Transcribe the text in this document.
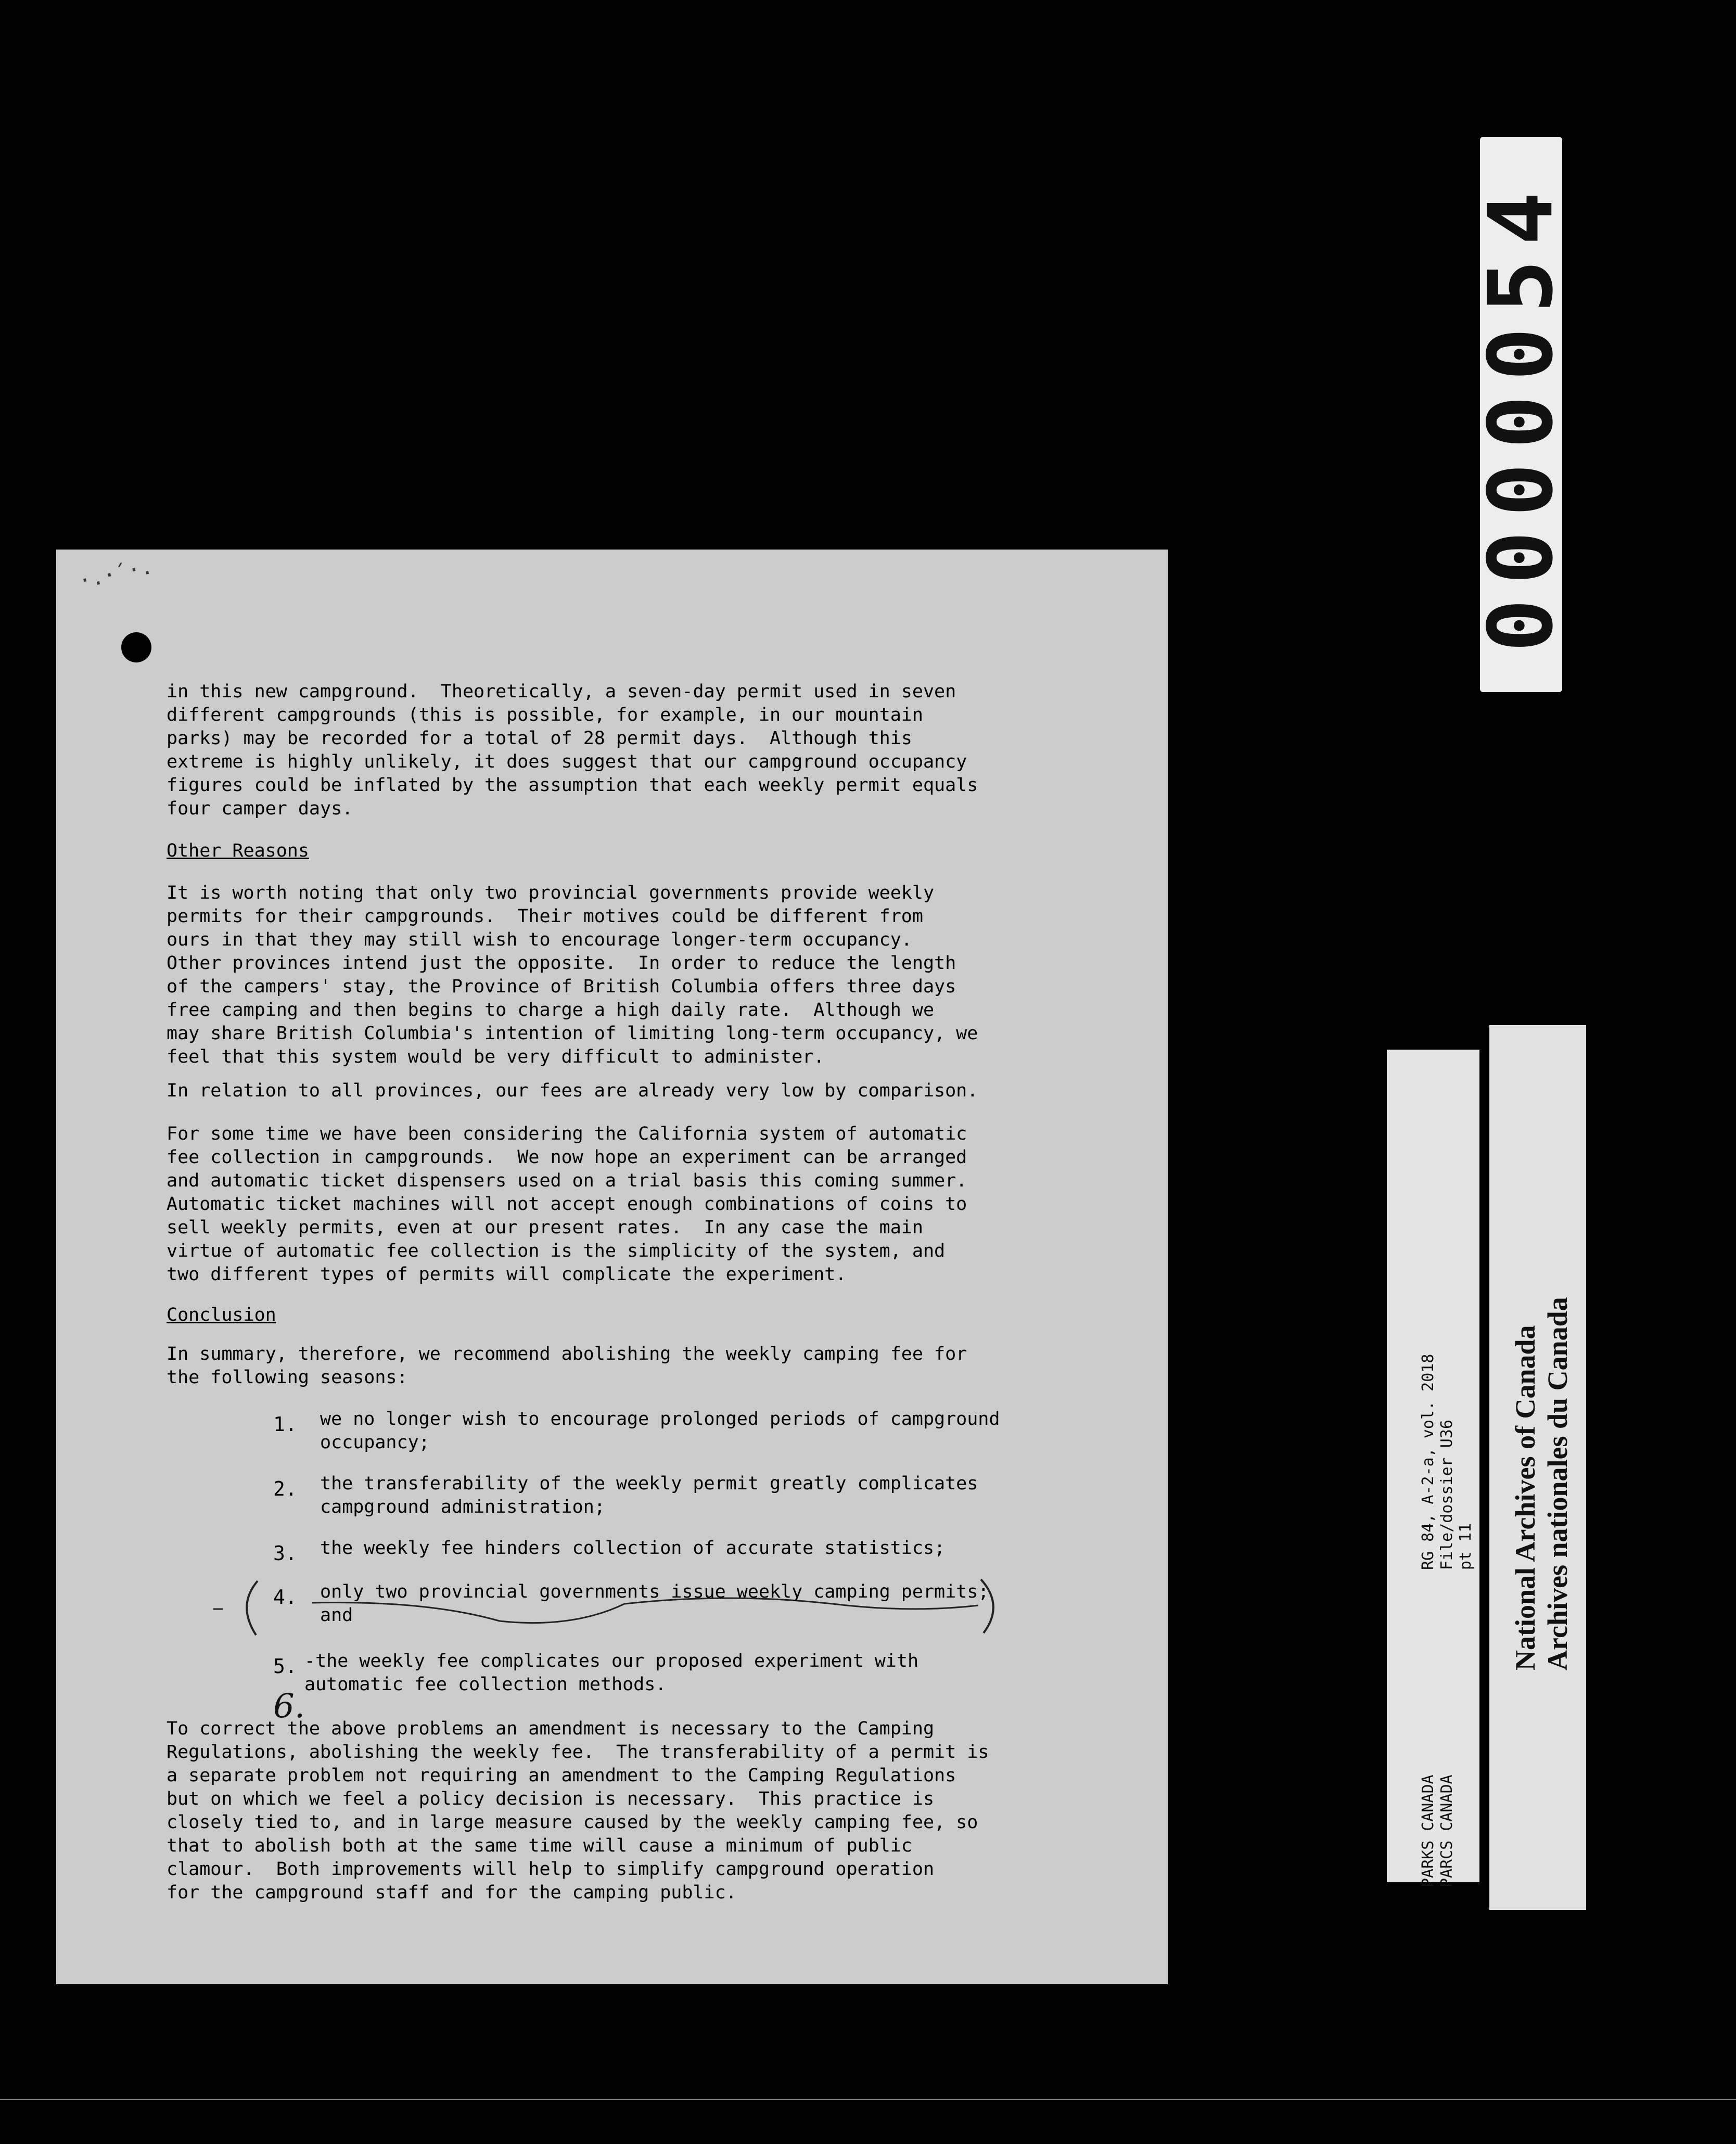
0000054
·.·՛·.
in this new campground.  Theoretically, a seven-day permit used in seven
different campgrounds (this is possible, for example, in our mountain
parks) may be recorded for a total of 28 permit days.  Although this
extreme is highly unlikely, it does suggest that our campground occupancy
figures could be inflated by the assumption that each weekly permit equals
four camper days.
Other Reasons
It is worth noting that only two provincial governments provide weekly
permits for their campgrounds.  Their motives could be different from
ours in that they may still wish to encourage longer-term occupancy.
Other provinces intend just the opposite.  In order to reduce the length
of the campers' stay, the Province of British Columbia offers three days
free camping and then begins to charge a high daily rate.  Although we
may share British Columbia's intention of limiting long-term occupancy, we
feel that this system would be very difficult to administer.
In relation to all provinces, our fees are already very low by comparison.
For some time we have been considering the California system of automatic
fee collection in campgrounds.  We now hope an experiment can be arranged
and automatic ticket dispensers used on a trial basis this coming summer.
Automatic ticket machines will not accept enough combinations of coins to
sell weekly permits, even at our present rates.  In any case the main
virtue of automatic fee collection is the simplicity of the system, and
two different types of permits will complicate the experiment.
Conclusion
In summary, therefore, we recommend abolishing the weekly camping fee for
the following seasons:
1. we no longer wish to encourage prolonged periods of campground
occupancy;
2. the transferability of the weekly permit greatly complicates
campground administration;
3. the weekly fee hinders collection of accurate statistics;
4. only two provincial governments issue weekly camping permits;
and
5. -the weekly fee complicates our proposed experiment with
automatic fee collection methods.
6.
To correct the above problems an amendment is necessary to the Camping
Regulations, abolishing the weekly fee.  The transferability of a permit is
a separate problem not requiring an amendment to the Camping Regulations
but on which we feel a policy decision is necessary.  This practice is
closely tied to, and in large measure caused by the weekly camping fee, so
that to abolish both at the same time will cause a minimum of public
clamour.  Both improvements will help to simplify campground operation
for the campground staff and for the camping public.
PARKS CANADA
PARCS CANADA
RG 84, A-2-a, vol. 2018
File/dossier U36
pt 11 National Archives of Canada Archives nationales du Canada
